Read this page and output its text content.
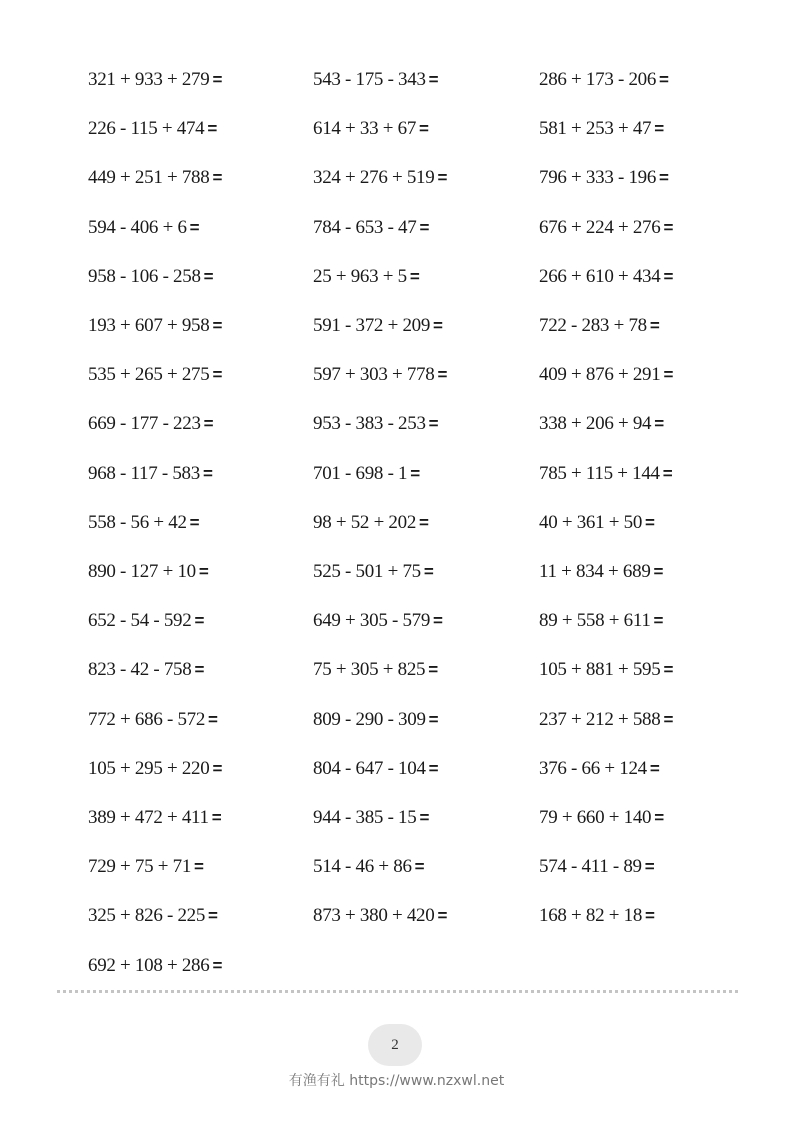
321 + 933 + 279 =
226 - 115 + 474 =
449 + 251 + 788 =
594 - 406 + 6 =
958 - 106 - 258 =
193 + 607 + 958 =
535 + 265 + 275 =
669 - 177 - 223 =
968 - 117 - 583 =
558 - 56 + 42 =
890 - 127 + 10 =
652 - 54 - 592 =
823 - 42 - 758 =
772 + 686 - 572 =
105 + 295 + 220 =
389 + 472 + 411 =
729 + 75 + 71 =
325 + 826 - 225 =
692 + 108 + 286 =
543 - 175 - 343 =
614 + 33 + 67 =
324 + 276 + 519 =
784 - 653 - 47 =
25 + 963 + 5 =
591 - 372 + 209 =
597 + 303 + 778 =
953 - 383 - 253 =
701 - 698 - 1 =
98 + 52 + 202 =
525 - 501 + 75 =
649 + 305 - 579 =
75 + 305 + 825 =
809 - 290 - 309 =
804 - 647 - 104 =
944 - 385 - 15 =
514 - 46 + 86 =
873 + 380 + 420 =
286 + 173 - 206 =
581 + 253 + 47 =
796 + 333 - 196 =
676 + 224 + 276 =
266 + 610 + 434 =
722 - 283 + 78 =
409 + 876 + 291 =
338 + 206 + 94 =
785 + 115 + 144 =
40 + 361 + 50 =
11 + 834 + 689 =
89 + 558 + 611 =
105 + 881 + 595 =
237 + 212 + 588 =
376 - 66 + 124 =
79 + 660 + 140 =
574 - 411 - 89 =
168 + 82 + 18 =
2
有渔有礼 https://www.nzxwl.net
